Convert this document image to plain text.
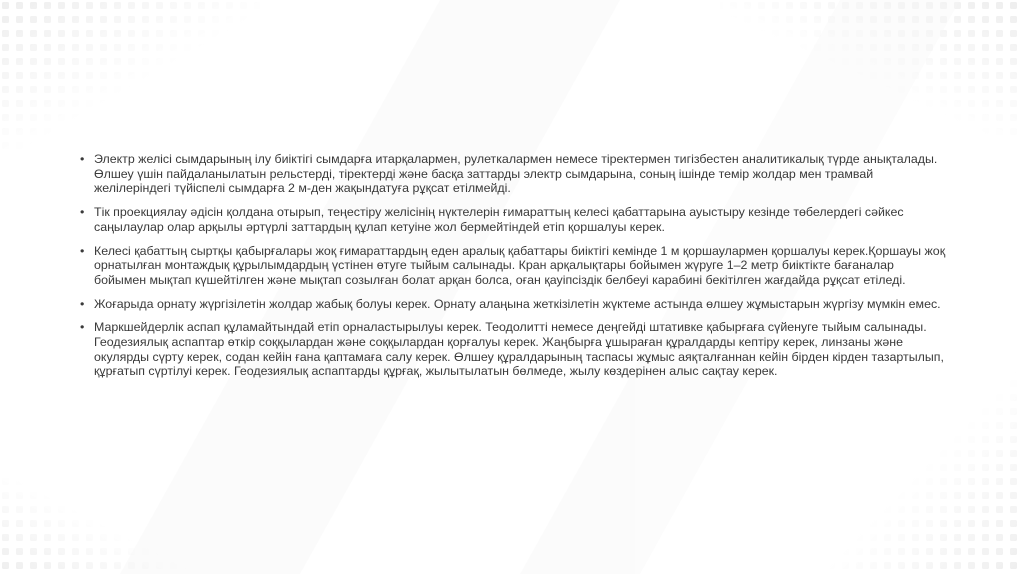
• Электр желісі сымдарының ілу биіктігі сымдарға итарқалармен, рулеткалармен немесе тіректермен тигізбестен аналитикалық түрде анықталады. Өлшеу үшін пайдаланылатын рельстерді, тіректерді және басқа заттарды электр сымдарына, соның ішінде темір жолдар мен трамвай желілеріндегі түйіспелі сымдарға 2 м-ден жақындатуға рұқсат етілмейді.
• Тік проекциялау әдісін қолдана отырып, теңестіру желісінің нүктелерін ғимараттың келесі қабаттарына ауыстыру кезінде төбелердегі сәйкес саңылаулар олар арқылы әртүрлі заттардың құлап кетуіне жол бермейтіндей етіп қоршалуы керек.
• Келесі қабаттың сыртқы қабырғалары жоқ ғимараттардың еден аралық қабаттары биіктігі кемінде 1 м қоршаулармен қоршалуы керек.Қоршауы жоқ орнатылған монтаждық құрылымдардың үстінен өтуге тыйым салынады. Кран арқалықтары бойымен жүруге 1–2 метр биіктікте бағаналар бойымен мықтап күшейтілген және мықтап созылған болат арқан болса, оған қауіпсіздік белбеуі карабині бекітілген жағдайда рұқсат етіледі.
• Жоғарыда орнату жүргізілетін жолдар жабық болуы керек. Орнату алаңына жеткізілетін жүктеме астында өлшеу жұмыстарын жүргізу мүмкін емес.
• Маркшейдерлік аспап құламайтындай етіп орналастырылуы керек. Теодолитті немесе деңгейді штативке қабырғаға сүйенуге тыйым салынады. Геодезиялық аспаптар өткір соққылардан және соққылардан қорғалуы керек. Жаңбырға ұшыраған құралдарды кептіру керек, линзаны және окулярды сүрту керек, содан кейін ғана қаптамаға салу керек. Өлшеу құралдарының таспасы жұмыс аяқталғаннан кейін бірден кірден тазартылып, құрғатып сүртілуі керек. Геодезиялық аспаптарды құрғақ, жылытылатын бөлмеде, жылу көздерінен алыс сақтау керек.
